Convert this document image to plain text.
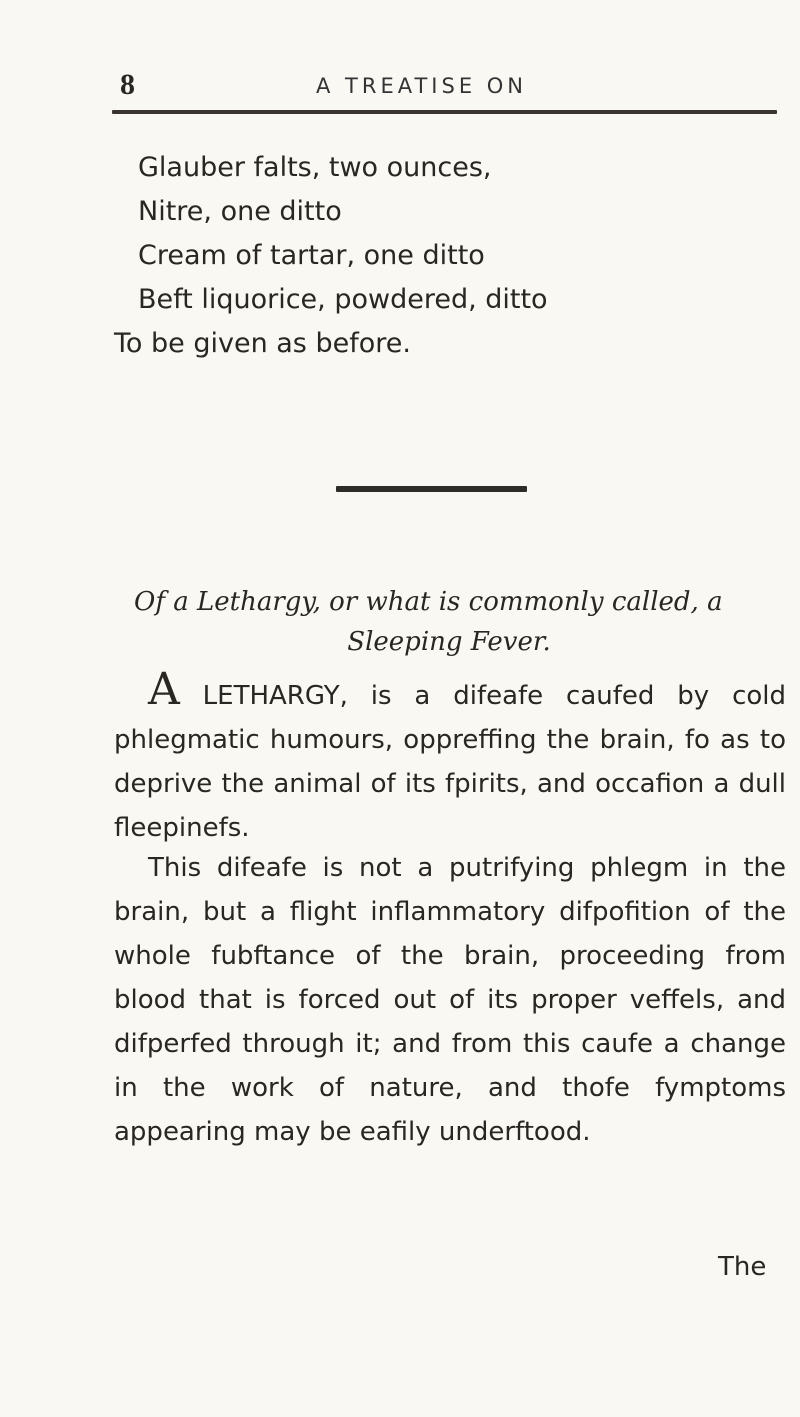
8	A TREATISE ON
Glauber falts, two ounces,
Nitre, one ditto
Cream of tartar, one ditto
Beft liquorice, powdered, ditto
To be given as before.
Of a Lethargy, or what is commonly called, a
Sleeping Fever.
A LETHARGY, is a difeafe caufed by cold phlegmatic humours, oppreffing the brain, fo as to deprive the animal of its fpirits, and occafion a dull fleepinefs.
This difeafe is not a putrifying phlegm in the brain, but a flight inflammatory difpofition of the whole fubftance of the brain, proceeding from blood that is forced out of its proper veffels, and difperfed through it; and from this caufe a change in the work of nature, and thofe fymptoms appearing may be eafily underftood.
The
